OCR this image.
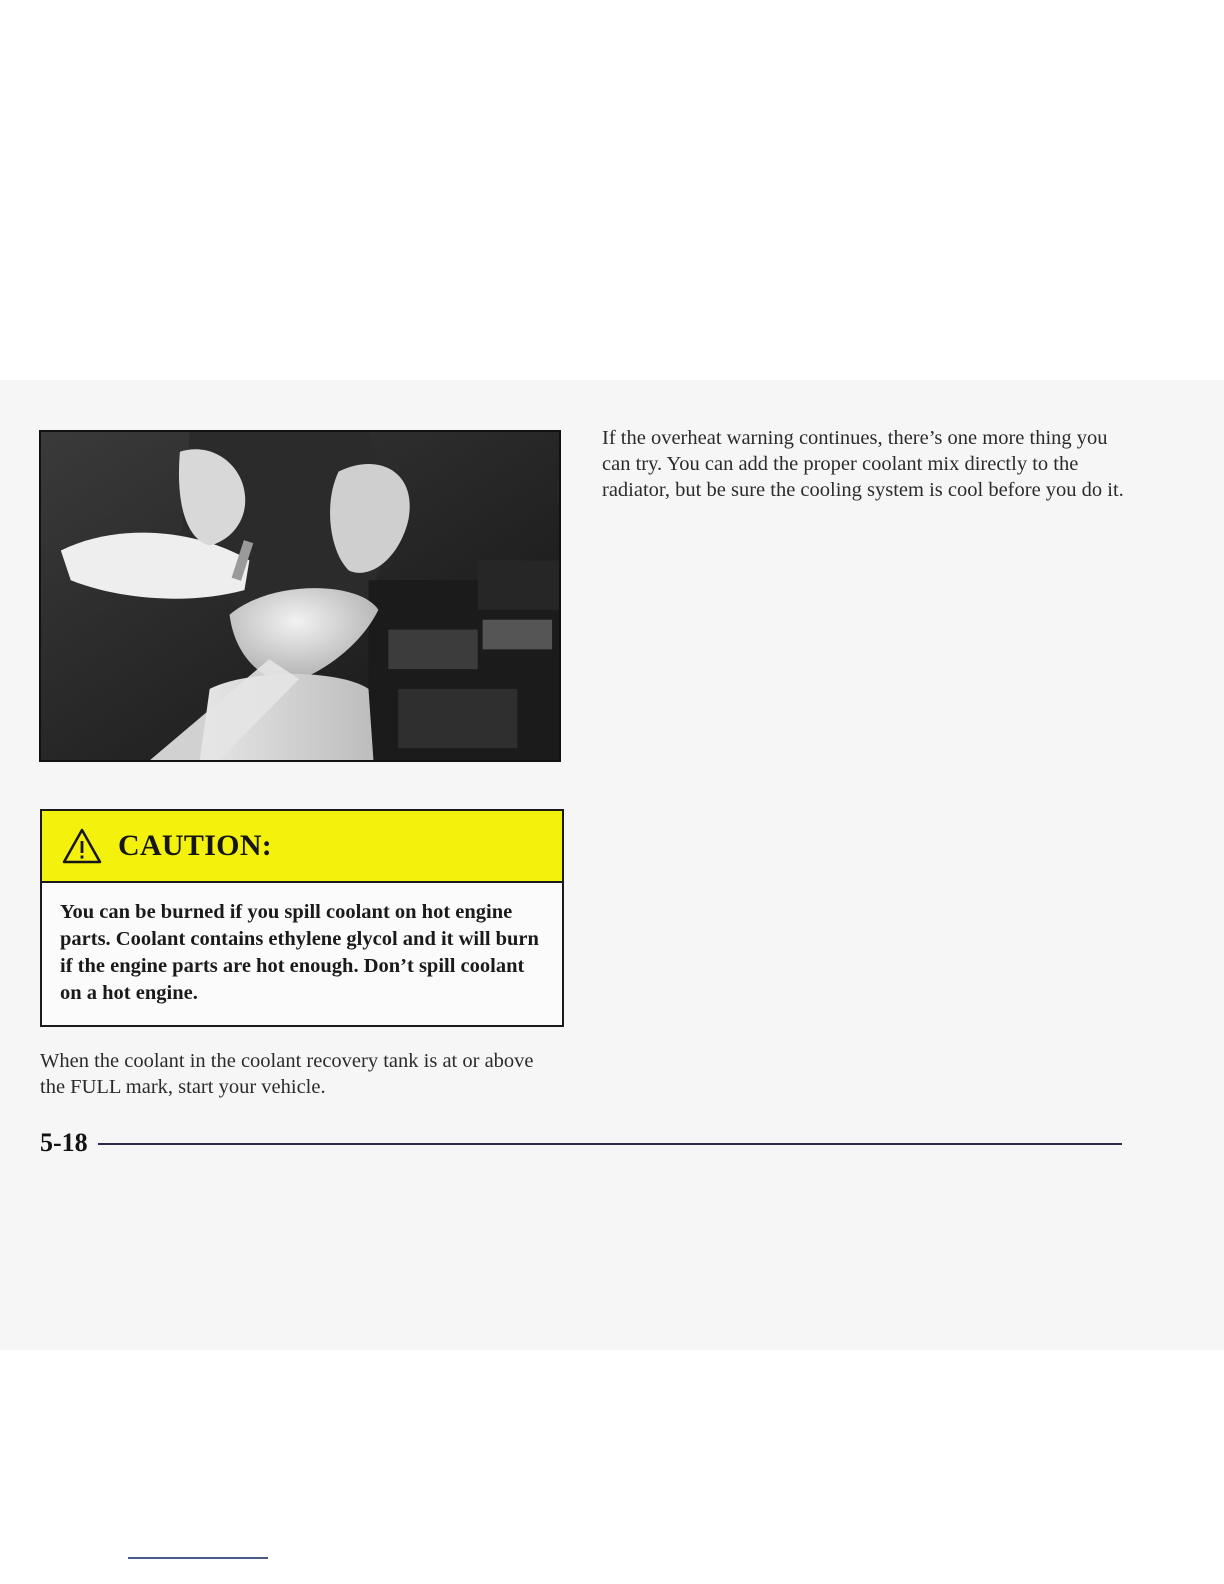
CAUTION:
You can be burned if you spill coolant on hot engine parts. Coolant contains ethylene glycol and it will burn if the engine parts are hot enough. Don’t spill coolant on a hot engine.

If the overheat warning continues, there’s one more thing you can try. You can add the proper coolant mix directly to the radiator, but be sure the cooling system is cool before you do it.

When the coolant in the coolant recovery tank is at or above the FULL mark, start your vehicle.

5-18
